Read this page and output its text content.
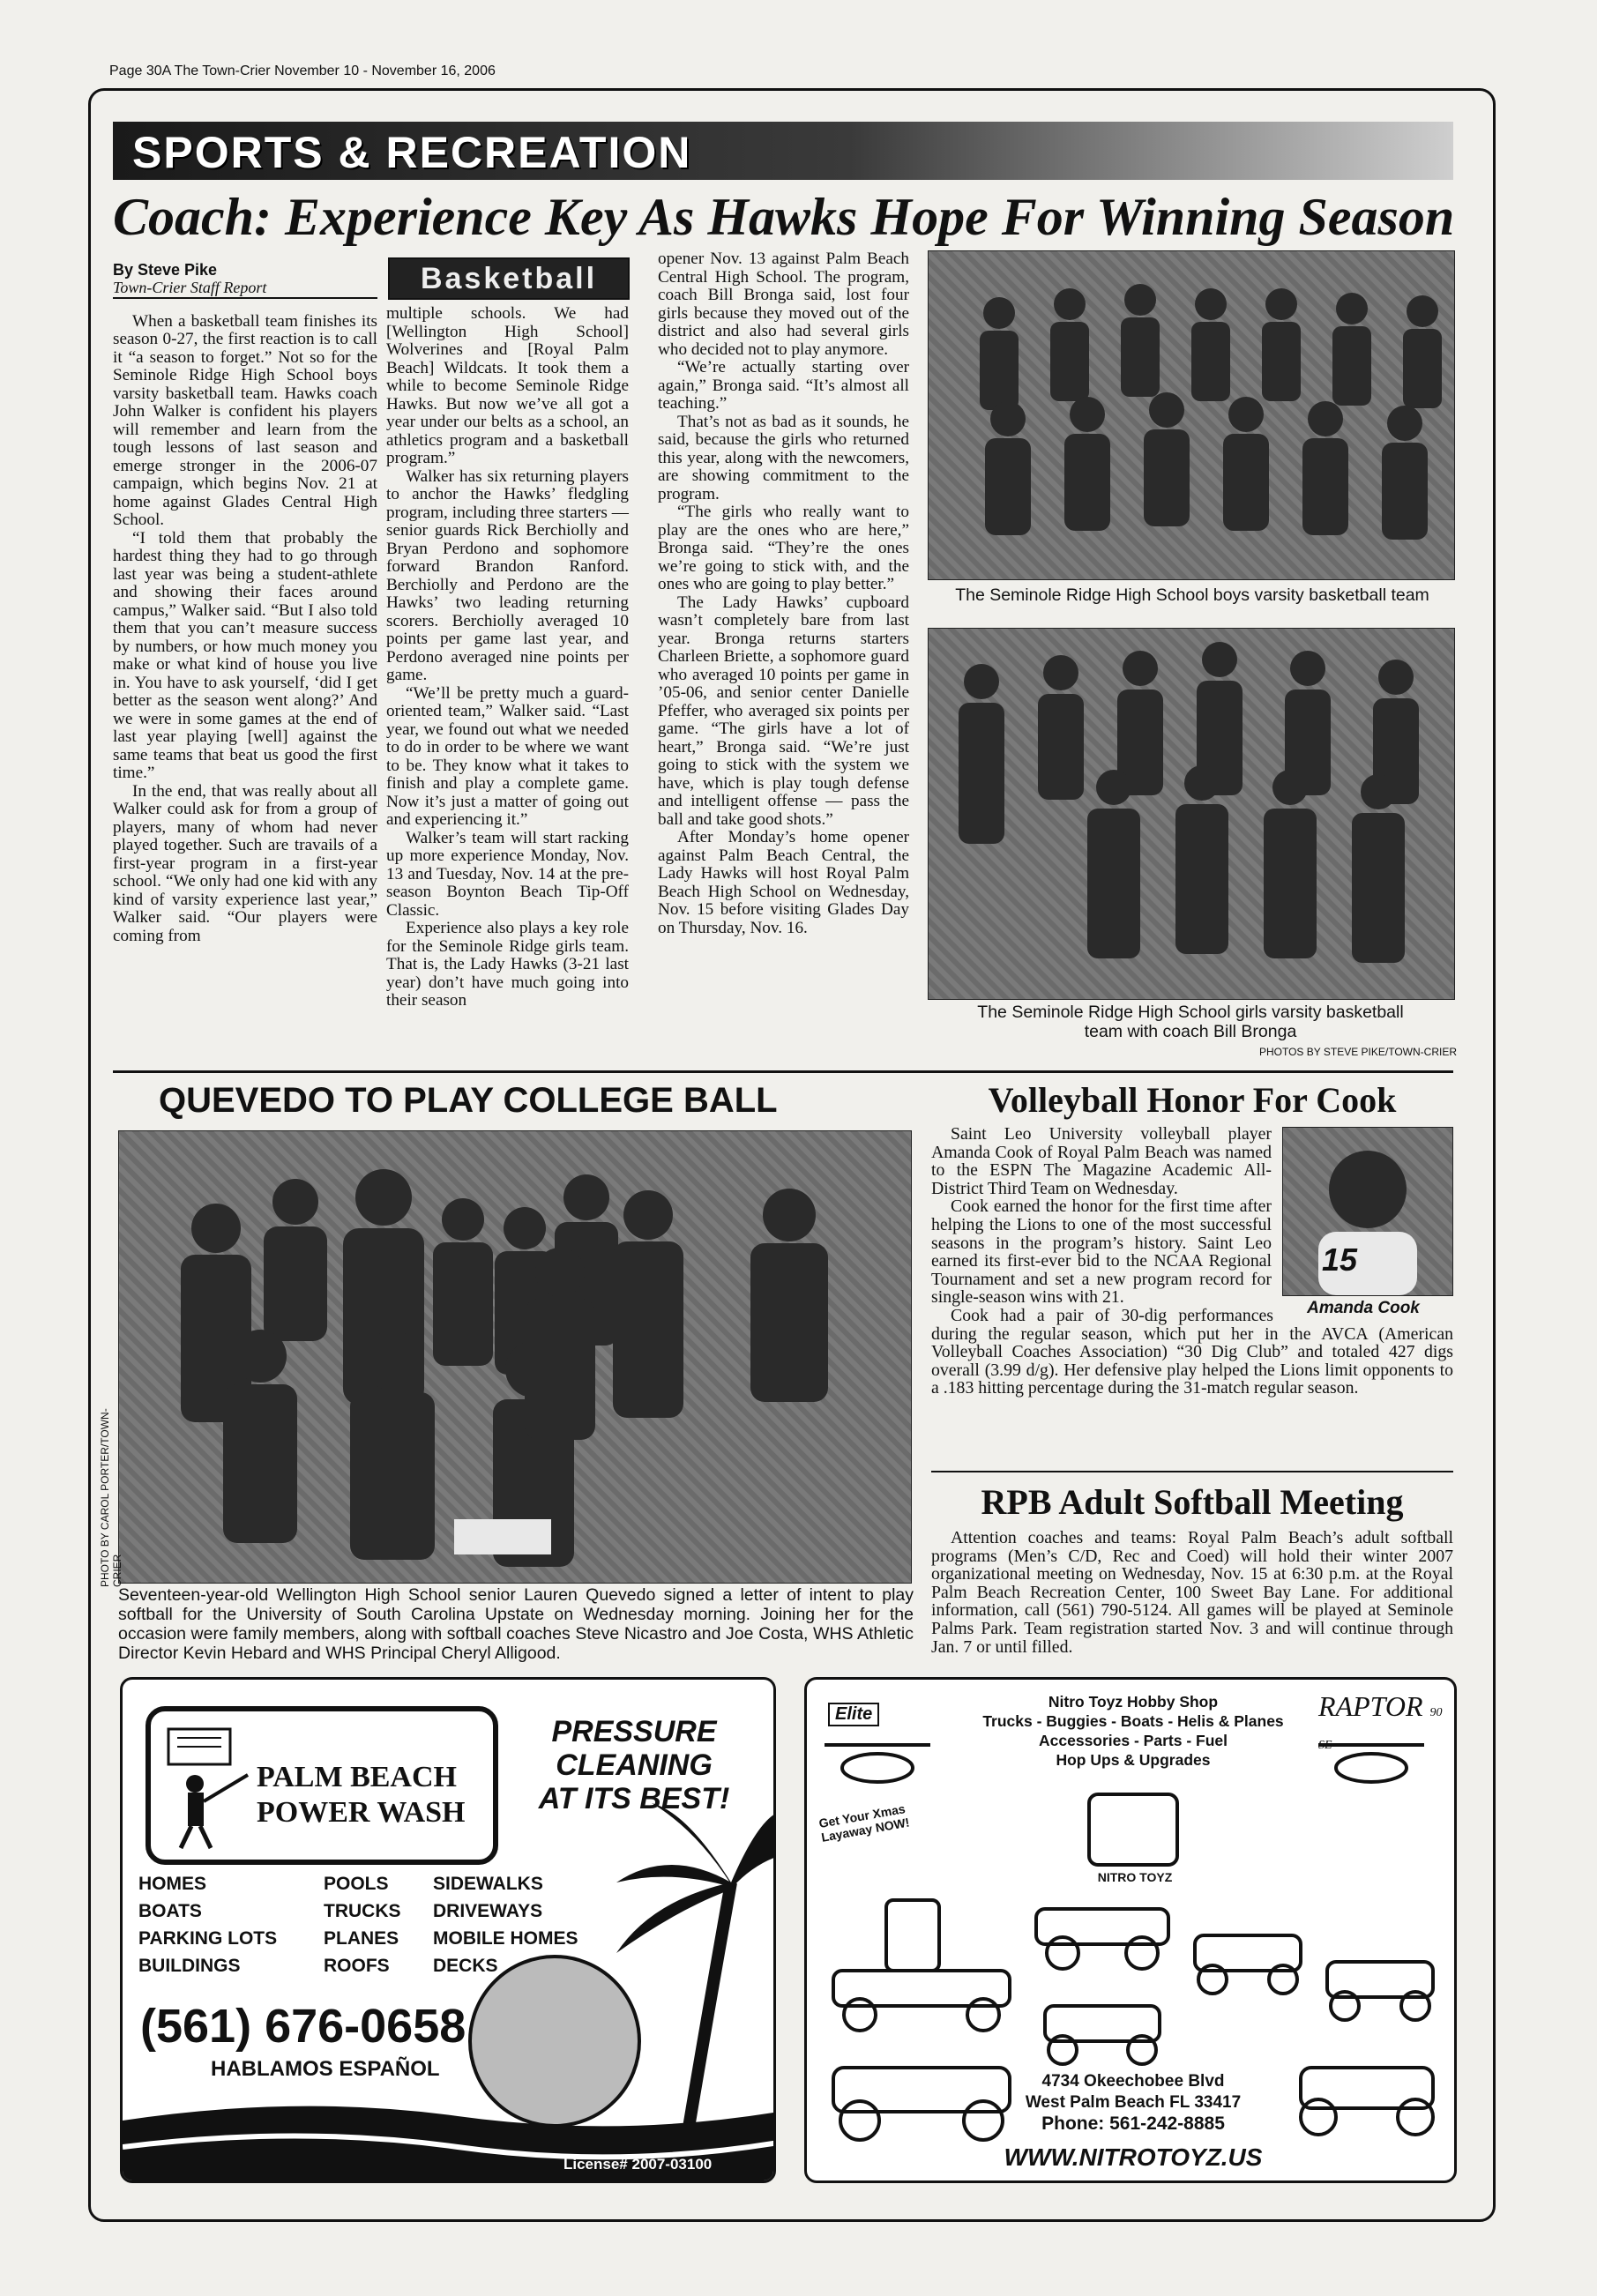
Page 30A The Town-Crier November 10 - November 16, 2006
SPORTS & RECREATION
Coach: Experience Key As Hawks Hope For Winning Season
By Steve Pike
Town-Crier Staff Report

When a basketball team finishes its season 0-27, the first reaction is to call it “a season to forget.” Not so for the Seminole Ridge High School boys varsity basketball team. Hawks coach John Walker is confident his players will remember and learn from the tough lessons of last season and emerge stronger in the 2006-07 campaign, which begins Nov. 21 at home against Glades Central High School.

“I told them that probably the hardest thing they had to go through last year was being a student-athlete and showing their faces around campus,” Walker said. “But I also told them that you can’t measure success by numbers, or how much money you make or what kind of house you live in. You have to ask yourself, ‘did I get better as the season went along?’ And we were in some games at the end of last year playing [well] against the same teams that beat us good the first time.”

In the end, that was really about all Walker could ask for from a group of players, many of whom had never played together. Such are travails of a first-year program in a first-year school. “We only had one kid with any kind of varsity experience last year,” Walker said. “Our players were coming from

Basketball

multiple schools. We had [Wellington High School] Wolverines and [Royal Palm Beach] Wildcats. It took them a while to become Seminole Ridge Hawks. But now we’ve all got a year under our belts as a school, an athletics program and a basketball program.”

Walker has six returning players to anchor the Hawks’ fledgling program, including three starters — senior guards Rick Berchiolly and Bryan Perdono and sophomore forward Brandon Ranford. Berchiolly and Perdono are the Hawks’ two leading returning scorers. Berchiolly averaged 10 points per game last year, and Perdono averaged nine points per game.

“We’ll be pretty much a guard-oriented team,” Walker said. “Last year, we found out what we needed to do in order to be where we want to be. They know what it takes to finish and play a complete game. Now it’s just a matter of going out and experiencing it.”

Walker’s team will start racking up more experience Monday, Nov. 13 and Tuesday, Nov. 14 at the pre-season Boynton Beach Tip-Off Classic.

Experience also plays a key role for the Seminole Ridge girls team. That is, the Lady Hawks (3-21 last year) don’t have much going into their season

opener Nov. 13 against Palm Beach Central High School. The program, coach Bill Bronga said, lost four girls because they moved out of the district and also had several girls who decided not to play anymore.

“We’re actually starting over again,” Bronga said. “It’s almost all teaching.”

That’s not as bad as it sounds, he said, because the girls who returned this year, along with the newcomers, are showing commitment to the program.

“The girls who really want to play are the ones who are here,” Bronga said. “They’re the ones we’re going to stick with, and the ones who are going to play better.”

The Lady Hawks’ cupboard wasn’t completely bare from last year. Bronga returns starters Charleen Briette, a sophomore guard who averaged 10 points per game in ’05-06, and senior center Danielle Pfeffer, who averaged six points per game. “The girls have a lot of heart,” Bronga said. “We’re just going to stick with the system we have, which is play tough defense and intelligent offense — pass the ball and take good shots.”

After Monday’s home opener against Palm Beach Central, the Lady Hawks will host Royal Palm Beach High School on Wednesday, Nov. 15 before visiting Glades Day on Thursday, Nov. 16.

The Seminole Ridge High School boys varsity basketball team
The Seminole Ridge High School girls varsity basketball team with coach Bill Bronga
PHOTOS BY STEVE PIKE/TOWN-CRIER
QUEVEDO TO PLAY COLLEGE BALL
PHOTO BY CAROL PORTER/TOWN-CRIER
Seventeen-year-old Wellington High School senior Lauren Quevedo signed a letter of intent to play softball for the University of South Carolina Upstate on Wednesday morning. Joining her for the occasion were family members, along with softball coaches Steve Nicastro and Joe Costa, WHS Athletic Director Kevin Hebard and WHS Principal Cheryl Alligood.
Volleyball Honor For Cook
15
Amanda Cook

Saint Leo University volleyball player Amanda Cook of Royal Palm Beach was named to the ESPN The Magazine Academic All-District Third Team on Wednesday.

Cook earned the honor for the first time after helping the Lions to one of the most successful seasons in the program’s history. Saint Leo earned its first-ever bid to the NCAA Regional Tournament and set a new program record for single-season wins with 21.

Cook had a pair of 30-dig performances during the regular season, which put her in the AVCA (American Volleyball Coaches Association) “30 Dig Club” and totaled 427 digs overall (3.99 d/g). Her defensive play helped the Lions limit opponents to a .183 hitting percentage during the 31-match regular season.

RPB Adult Softball Meeting

Attention coaches and teams: Royal Palm Beach’s adult softball programs (Men’s C/D, Rec and Coed) will hold their winter 2007 organizational meeting on Wednesday, Nov. 15 at 6:30 p.m. at the Royal Palm Beach Recreation Center, 100 Sweet Bay Lane. For additional information, call (561) 790-5124. All games will be played at Seminole Palms Park. Team registration started Nov. 3 and will continue through Jan. 7 or until filled.

PALM BEACH
POWER WASH
PRESSURE
CLEANING
AT ITS BEST!
HOMES
BOATS
PARKING LOTS
BUILDINGS
POOLS
TRUCKS
PLANES
ROOFS
SIDEWALKS
DRIVEWAYS
MOBILE HOMES
DECKS
(561) 676-0658
HABLAMOS ESPAÑOL
License# 2007-03100
Nitro Toyz Hobby Shop
Trucks - Buggies - Boats - Helis & Planes
Accessories - Parts - Fuel
Hop Ups & Upgrades
Elite	RAPTOR 90 SE
Get Your Xmas Layaway NOW!
NITRO TOYZ
4734 Okeechobee Blvd
West Palm Beach FL 33417
Phone: 561-242-8885
WWW.NITROTOYZ.US
